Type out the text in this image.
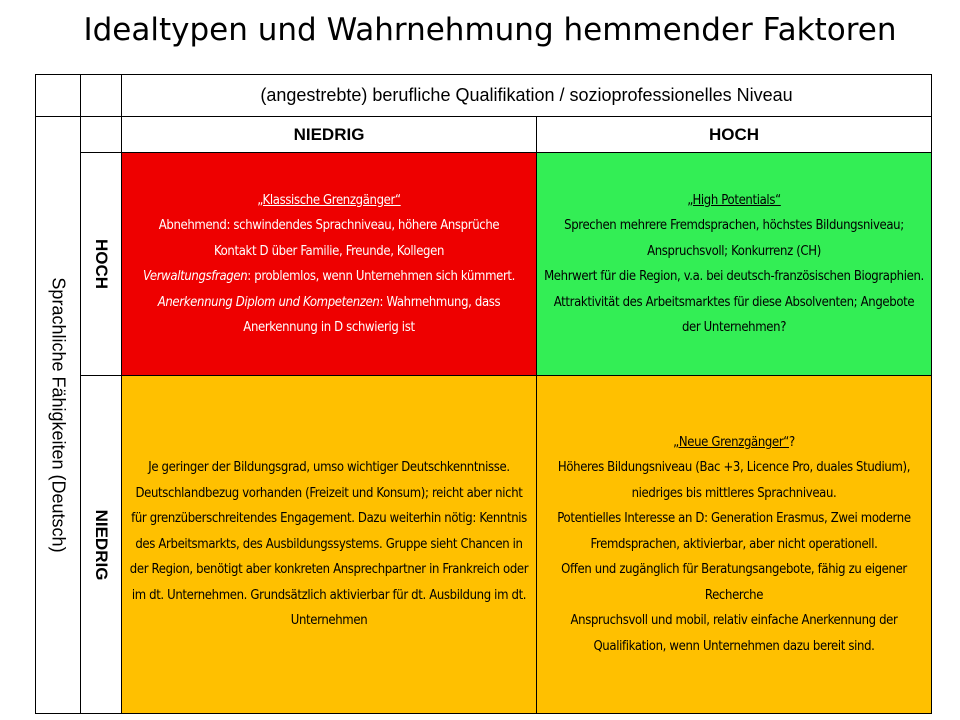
Idealtypen und Wahrnehmung hemmender Faktoren
(angestrebte) berufliche Qualifikation / sozioprofessionelles Niveau
Sprachliche Fähigkeiten (Deutsch)
NIEDRIG	HOCH
HOCH

„Klassische Grenzgänger“

Abnehmend: schwindendes Sprachniveau, höhere Ansprüche

Kontakt D über Familie, Freunde, Kollegen

Verwaltungsfragen: problemlos, wenn Unternehmen sich kümmert. Anerkennung Diplom und Kompetenzen: Wahrnehmung, dass Anerkennung in D schwierig ist

„High Potentials“

Sprechen mehrere Fremdsprachen, höchstes Bildungsniveau;

Anspruchsvoll; Konkurrenz (CH)

Mehrwert für die Region, v.a. bei deutsch-französischen Biographien.

Attraktivität des Arbeitsmarktes für diese Absolventen; Angebote der Unternehmen?

NIEDRIG

Je geringer der Bildungsgrad, umso wichtiger Deutschkenntnisse.

Deutschlandbezug vorhanden (Freizeit und Konsum); reicht aber nicht für grenzüberschreitendes Engagement. Dazu weiterhin nötig: Kenntnis des Arbeitsmarkts, des Ausbildungssystems. Gruppe sieht Chancen in der Region, benötigt aber konkreten Ansprechpartner in Frankreich oder im dt. Unternehmen. Grundsätzlich aktivierbar für dt. Ausbildung im dt. Unternehmen

„Neue Grenzgänger“?

Höheres Bildungsniveau (Bac +3, Licence Pro, duales Studium), niedriges bis mittleres Sprachniveau.

Potentielles Interesse an D: Generation Erasmus, Zwei moderne Fremdsprachen, aktivierbar, aber nicht operationell.

Offen und zugänglich für Beratungsangebote, fähig zu eigener Recherche

Anspruchsvoll und mobil, relativ einfache Anerkennung der Qualifikation, wenn Unternehmen dazu bereit sind.
